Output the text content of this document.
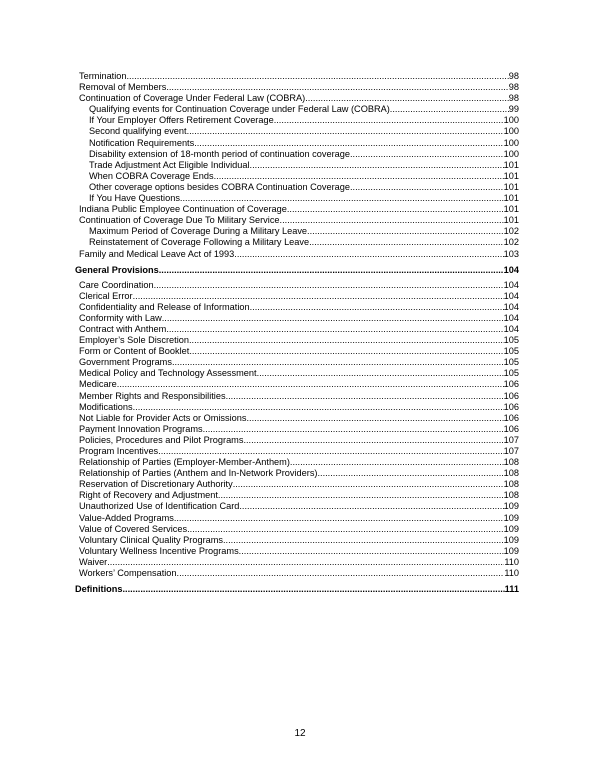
Termination .....	98
Removal of Members .....	98
Continuation of Coverage Under Federal Law (COBRA) .....	98
Qualifying events for Continuation Coverage under Federal Law (COBRA) .....	99
If Your Employer Offers Retirement Coverage .....	100
Second qualifying event .....	100
Notification Requirements .....	100
Disability extension of 18-month period of continuation coverage .....	100
Trade Adjustment Act Eligible Individual .....	101
When COBRA Coverage Ends .....	101
Other coverage options besides COBRA Continuation Coverage .....	101
If You Have Questions .....	101
Indiana Public Employee Continuation of Coverage .....	101
Continuation of Coverage Due To Military Service .....	101
Maximum Period of Coverage During a Military Leave .....	102
Reinstatement of Coverage Following a Military Leave .....	102
Family and Medical Leave Act of 1993 .....	103
General Provisions .....	104
Care Coordination .....	104
Clerical Error .....	104
Confidentiality and Release of Information .....	104
Conformity with Law .....	104
Contract with Anthem .....	104
Employer’s Sole Discretion .....	105
Form or Content of Booklet .....	105
Government Programs .....	105
Medical Policy and Technology Assessment .....	105
Medicare .....	106
Member Rights and Responsibilities .....	106
Modifications .....	106
Not Liable for Provider Acts or Omissions .....	106
Payment Innovation Programs .....	106
Policies, Procedures and Pilot Programs .....	107
Program Incentives .....	107
Relationship of Parties (Employer-Member-Anthem) .....	108
Relationship of Parties (Anthem and In-Network Providers) .....	108
Reservation of Discretionary Authority .....	108
Right of Recovery and Adjustment .....	108
Unauthorized Use of Identification Card .....	109
Value-Added Programs .....	109
Value of Covered Services .....	109
Voluntary Clinical Quality Programs .....	109
Voluntary Wellness Incentive Programs .....	109
Waiver .....	110
Workers’ Compensation .....	110
Definitions .....	111
12
